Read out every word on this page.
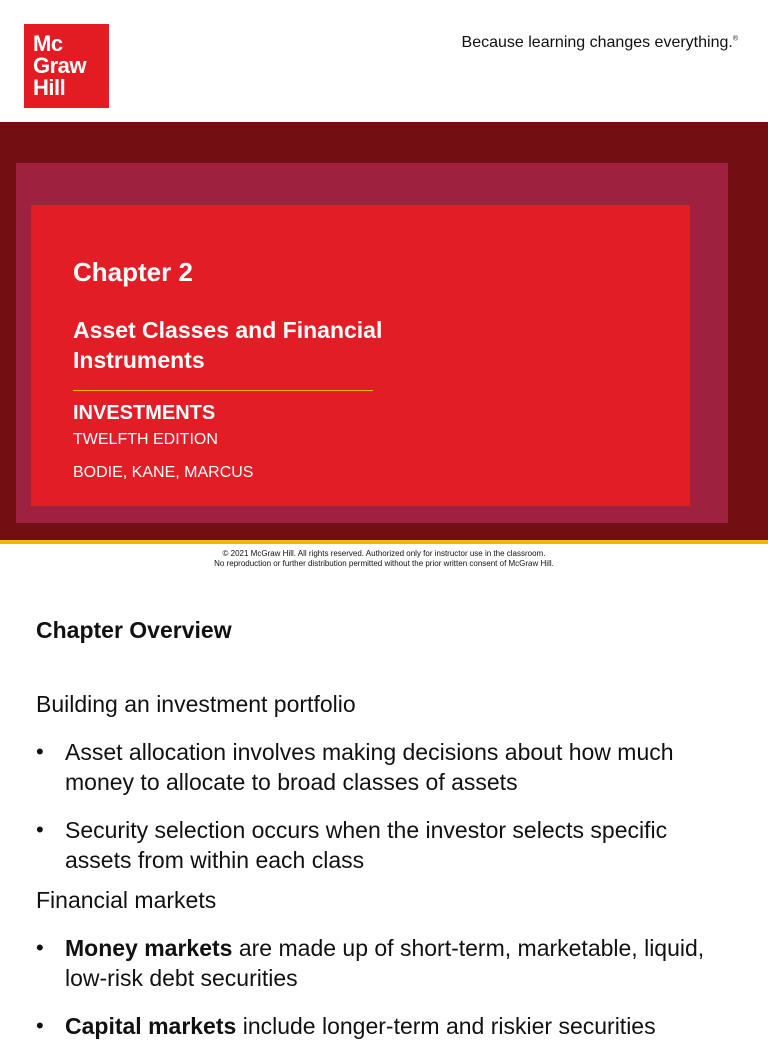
Mc
Graw
Hill
Because learning changes everything.®
Chapter 2
Asset Classes and Financial Instruments
INVESTMENTS
TWELFTH EDITION
BODIE, KANE, MARCUS
© 2021 McGraw Hill. All rights reserved. Authorized only for instructor use in the classroom.
No reproduction or further distribution permitted without the prior written consent of McGraw Hill.
Chapter Overview
Building an investment portfolio
• Asset allocation involves making decisions about how much money to allocate to broad classes of assets
• Security selection occurs when the investor selects specific assets from within each class
Financial markets
• Money markets are made up of short-term, marketable, liquid, low-risk debt securities
• Capital markets include longer-term and riskier securities
